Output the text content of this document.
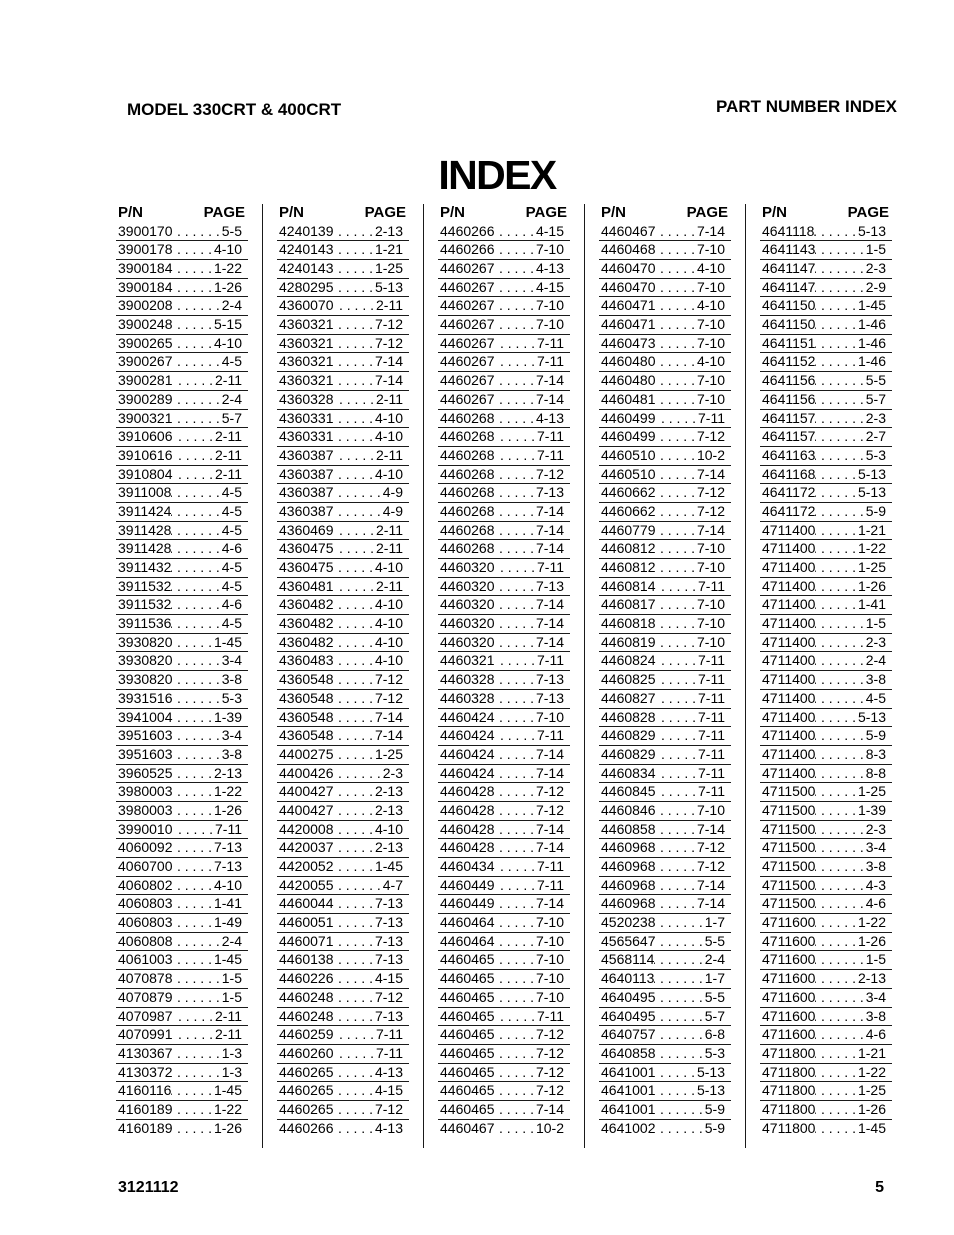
MODEL 330CRT & 400CRT	PART NUMBER INDEX
INDEX
P/N	PAGE
3900170 . . .	5-5
3900178 . . .	4-10
3900184 . . .	1-22
3900184 . . .	1-26
3900208 . . .	2-4
3900248 . . .	5-15
3900265 . . .	4-10
3900267 . . .	4-5
3900281 . . .	2-11
3900289 . . .	2-4
3900321 . . .	5-7
3910606 . . .	2-11
3910616 . . .	2-11
3910804 . . .	2-11
3911008 . . .	4-5
3911424 . . .	4-5
3911428 . . .	4-5
3911428 . . .	4-6
3911432 . . .	4-5
3911532 . . .	4-5
3911532 . . .	4-6
3911536 . . .	4-5
3930820 . . .	1-45
3930820 . . .	3-4
3930820 . . .	3-8
3931516 . . .	5-3
3941004 . . .	1-39
3951603 . . .	3-4
3951603 . . .	3-8
3960525 . . .	2-13
3980003 . . .	1-22
3980003 . . .	1-26
3990010 . . .	7-11
4060092 . . .	7-13
4060700 . . .	7-13
4060802 . . .	4-10
4060803 . . .	1-41
4060803 . . .	1-49
4060808 . . .	2-4
4061003 . . .	1-45
4070878 . . .	1-5
4070879 . . .	1-5
4070987 . . .	2-11
4070991 . . .	2-11
4130367 . . .	1-3
4130372 . . .	1-3
4160116 . . .	1-45
4160189 . . .	1-22
4160189 . . .	1-26
P/N	PAGE
4240139 . . .	2-13
4240143 . . .	1-21
4240143 . . .	1-25
4280295 . . .	5-13
4360070 . . .	2-11
4360321 . . .	7-12
4360321 . . .	7-12
4360321 . . .	7-14
4360321 . . .	7-14
4360328 . . .	2-11
4360331 . . .	4-10
4360331 . . .	4-10
4360387 . . .	2-11
4360387 . . .	4-10
4360387 . . .	4-9
4360387 . . .	4-9
4360469 . . .	2-11
4360475 . . .	2-11
4360475 . . .	4-10
4360481 . . .	2-11
4360482 . . .	4-10
4360482 . . .	4-10
4360482 . . .	4-10
4360483 . . .	4-10
4360548 . . .	7-12
4360548 . . .	7-12
4360548 . . .	7-14
4360548 . . .	7-14
4400275 . . .	1-25
4400426 . . .	2-3
4400427 . . .	2-13
4400427 . . .	2-13
4420008 . . .	4-10
4420037 . . .	2-13
4420052 . . .	1-45
4420055 . . .	4-7
4460044 . . .	7-13
4460051 . . .	7-13
4460071 . . .	7-13
4460138 . . .	7-13
4460226 . . .	4-15
4460248 . . .	7-12
4460248 . . .	7-13
4460259 . . .	7-11
4460260 . . .	7-11
4460265 . . .	4-13
4460265 . . .	4-15
4460265 . . .	7-12
4460266 . . .	4-13
P/N	PAGE
4460266 . . .	4-15
4460266 . . .	7-10
4460267 . . .	4-13
4460267 . . .	4-15
4460267 . . .	7-10
4460267 . . .	7-10
4460267 . . .	7-11
4460267 . . .	7-11
4460267 . . .	7-14
4460267 . . .	7-14
4460268 . . .	4-13
4460268 . . .	7-11
4460268 . . .	7-11
4460268 . . .	7-12
4460268 . . .	7-13
4460268 . . .	7-14
4460268 . . .	7-14
4460268 . . .	7-14
4460320 . . .	7-11
4460320 . . .	7-13
4460320 . . .	7-14
4460320 . . .	7-14
4460320 . . .	7-14
4460321 . . .	7-11
4460328 . . .	7-13
4460328 . . .	7-13
4460424 . . .	7-10
4460424 . . .	7-11
4460424 . . .	7-14
4460424 . . .	7-14
4460428 . . .	7-12
4460428 . . .	7-12
4460428 . . .	7-14
4460428 . . .	7-14
4460434 . . .	7-11
4460449 . . .	7-11
4460449 . . .	7-14
4460464 . . .	7-10
4460464 . . .	7-10
4460465 . . .	7-10
4460465 . . .	7-10
4460465 . . .	7-10
4460465 . . .	7-11
4460465 . . .	7-12
4460465 . . .	7-12
4460465 . . .	7-12
4460465 . . .	7-12
4460465 . . .	7-14
4460467 . . .	10-2
P/N	PAGE
4460467 . . .	7-14
4460468 . . .	7-10
4460470 . . .	4-10
4460470 . . .	7-10
4460471 . . .	4-10
4460471 . . .	7-10
4460473 . . .	7-10
4460480 . . .	4-10
4460480 . . .	7-10
4460481 . . .	7-10
4460499 . . .	7-11
4460499 . . .	7-12
4460510 . . .	10-2
4460510 . . .	7-14
4460662 . . .	7-12
4460662 . . .	7-12
4460779 . . .	7-14
4460812 . . .	7-10
4460812 . . .	7-10
4460814 . . .	7-11
4460817 . . .	7-10
4460818 . . .	7-10
4460819 . . .	7-10
4460824 . . .	7-11
4460825 . . .	7-11
4460827 . . .	7-11
4460828 . . .	7-11
4460829 . . .	7-11
4460829 . . .	7-11
4460834 . . .	7-11
4460845 . . .	7-11
4460846 . . .	7-10
4460858 . . .	7-14
4460968 . . .	7-12
4460968 . . .	7-12
4460968 . . .	7-14
4460968 . . .	7-14
4520238 . . .	1-7
4565647 . . .	5-5
4568114 . . .	2-4
4640113 . . .	1-7
4640495 . . .	5-5
4640495 . . .	5-7
4640757 . . .	6-8
4640858 . . .	5-3
4641001 . . .	5-13
4641001 . . .	5-13
4641001 . . .	5-9
4641002 . . .	5-9
P/N	PAGE
4641118 . . .	5-13
4641143 . . .	1-5
4641147 . . .	2-3
4641147 . . .	2-9
4641150 . . .	1-45
4641150 . . .	1-46
4641151 . . .	1-46
4641152 . . .	1-46
4641156 . . .	5-5
4641156 . . .	5-7
4641157 . . .	2-3
4641157 . . .	2-7
4641163 . . .	5-3
4641168 . . .	5-13
4641172 . . .	5-13
4641172 . . .	5-9
4711400 . . .	1-21
4711400 . . .	1-22
4711400 . . .	1-25
4711400 . . .	1-26
4711400 . . .	1-41
4711400 . . .	1-5
4711400 . . .	2-3
4711400 . . .	2-4
4711400 . . .	3-8
4711400 . . .	4-5
4711400 . . .	5-13
4711400 . . .	5-9
4711400 . . .	8-3
4711400 . . .	8-8
4711500 . . .	1-25
4711500 . . .	1-39
4711500 . . .	2-3
4711500 . . .	3-4
4711500 . . .	3-8
4711500 . . .	4-3
4711500 . . .	4-6
4711600 . . .	1-22
4711600 . . .	1-26
4711600 . . .	1-5
4711600 . . .	2-13
4711600 . . .	3-4
4711600 . . .	3-8
4711600 . . .	4-6
4711800 . . .	1-21
4711800 . . .	1-22
4711800 . . .	1-25
4711800 . . .	1-26
4711800 . . .	1-45
3121112	5
